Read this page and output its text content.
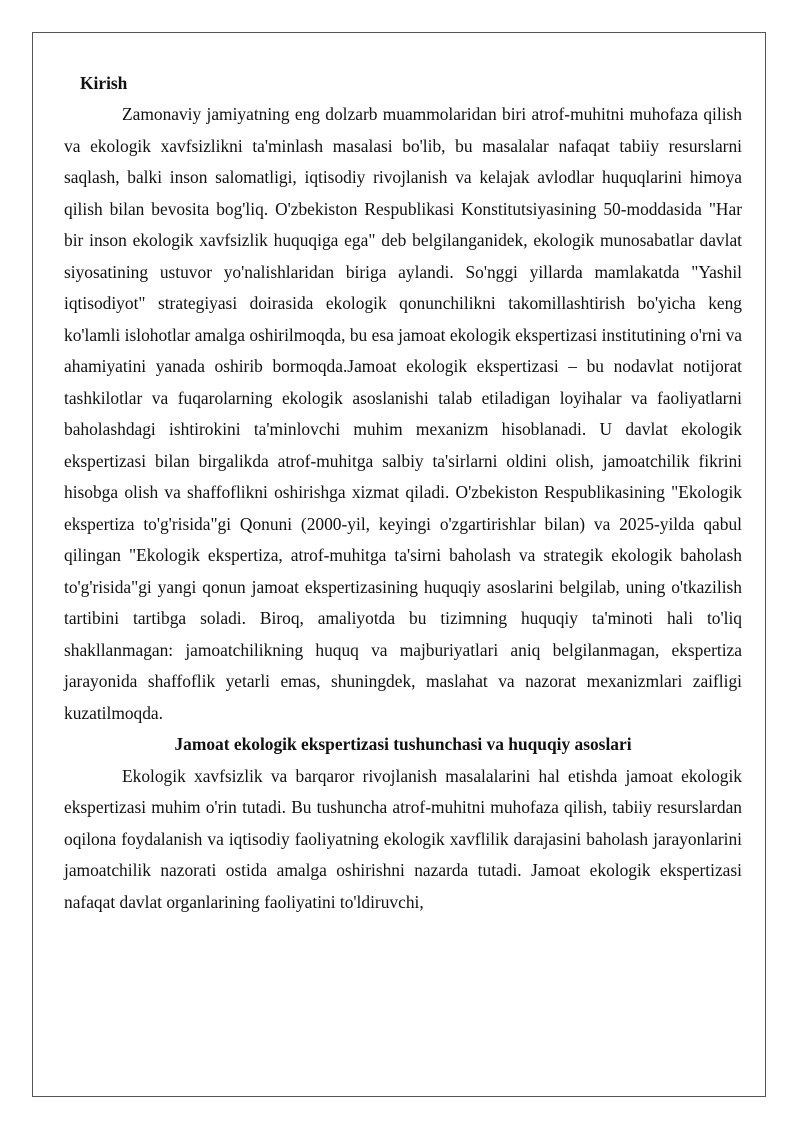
Kirish

Zamonaviy jamiyatning eng dolzarb muammolaridan biri atrof-muhitni muhofaza qilish va ekologik xavfsizlikni ta'minlash masalasi bo'lib, bu masalalar nafaqat tabiiy resurslarni saqlash, balki inson salomatligi, iqtisodiy rivojlanish va kelajak avlodlar huquqlarini himoya qilish bilan bevosita bog'liq. O'zbekiston Respublikasi Konstitutsiyasining 50-moddasida "Har bir inson ekologik xavfsizlik huquqiga ega" deb belgilanganidek, ekologik munosabatlar davlat siyosatining ustuvor yo'nalishlaridan biriga aylandi. So'nggi yillarda mamlakatda "Yashil iqtisodiyot" strategiyasi doirasida ekologik qonunchilikni takomillashtirish bo'yicha keng ko'lamli islohotlar amalga oshirilmoqda, bu esa jamoat ekologik ekspertizasi institutining o'rni va ahamiyatini yanada oshirib bormoqda.Jamoat ekologik ekspertizasi – bu nodavlat notijorat tashkilotlar va fuqarolarning ekologik asoslanishi talab etiladigan loyihalar va faoliyatlarni baholashdagi ishtirokini ta'minlovchi muhim mexanizm hisoblanadi. U davlat ekologik ekspertizasi bilan birgalikda atrof-muhitga salbiy ta'sirlarni oldini olish, jamoatchilik fikrini hisobga olish va shaffoflikni oshirishga xizmat qiladi. O'zbekiston Respublikasining "Ekologik ekspertiza to'g'risida"gi Qonuni (2000-yil, keyingi o'zgartirishlar bilan) va 2025-yilda qabul qilingan "Ekologik ekspertiza, atrof-muhitga ta'sirni baholash va strategik ekologik baholash to'g'risida"gi yangi qonun jamoat ekspertizasining huquqiy asoslarini belgilab, uning o'tkazilish tartibini tartibga soladi. Biroq, amaliyotda bu tizimning huquqiy ta'minoti hali to'liq shakllanmagan: jamoatchilikning huquq va majburiyatlari aniq belgilanmagan, ekspertiza jarayonida shaffoflik yetarli emas, shuningdek, maslahat va nazorat mexanizmlari zaifligi kuzatilmoqda.

Jamoat ekologik ekspertizasi tushunchasi va huquqiy asoslari

Ekologik xavfsizlik va barqaror rivojlanish masalalarini hal etishda jamoat ekologik ekspertizasi muhim o'rin tutadi. Bu tushuncha atrof-muhitni muhofaza qilish, tabiiy resurslardan oqilona foydalanish va iqtisodiy faoliyatning ekologik xavflilik darajasini baholash jarayonlarini jamoatchilik nazorati ostida amalga oshirishni nazarda tutadi. Jamoat ekologik ekspertizasi nafaqat davlat organlarining faoliyatini to'ldiruvchi,
